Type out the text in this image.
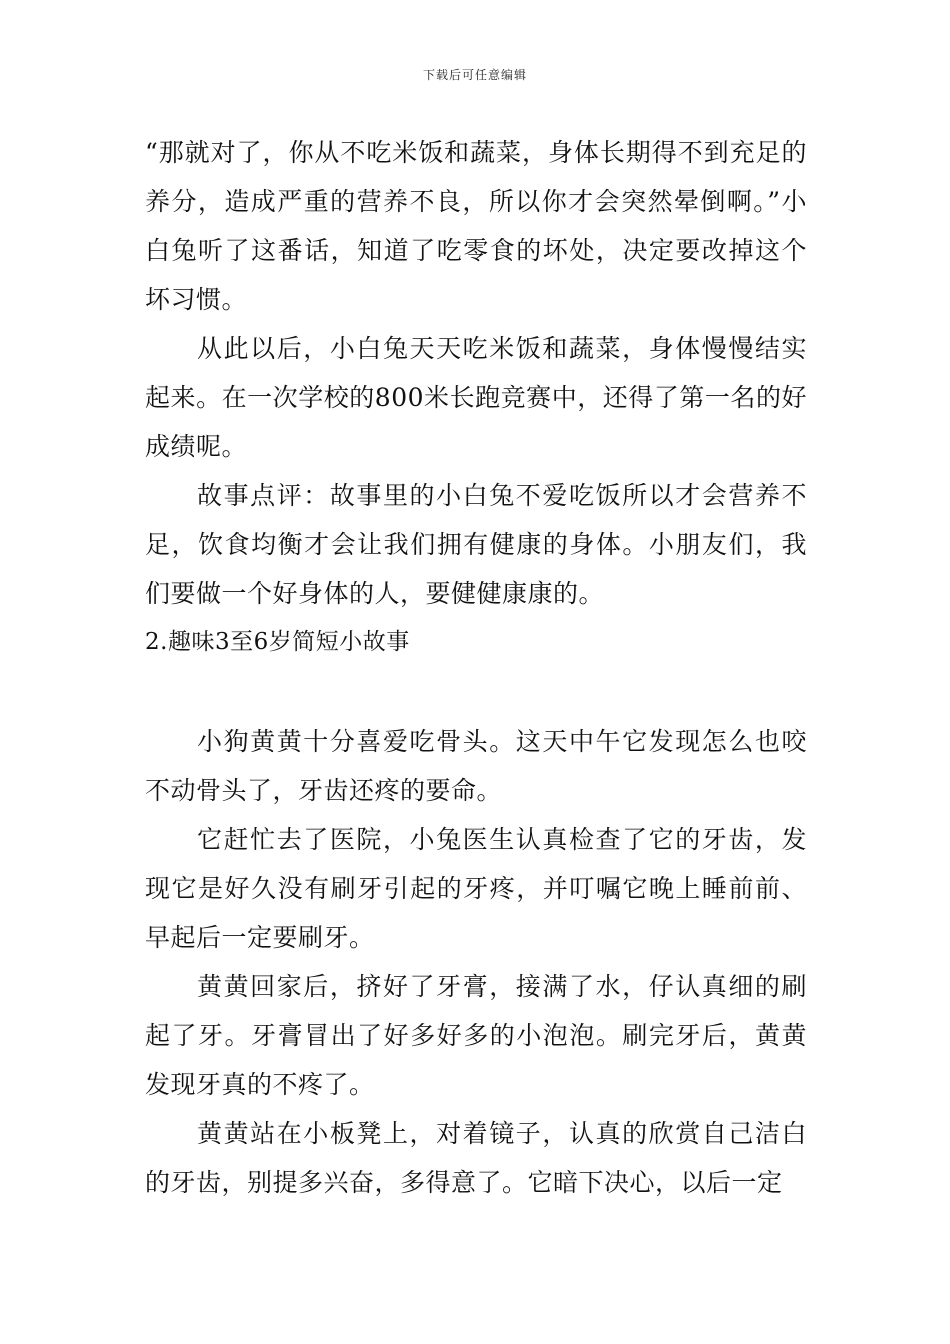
下载后可任意编辑

“那就对了，你从不吃米饭和蔬菜，身体长期得不到充足的养分，造成严重的营养不良，所以你才会突然晕倒啊。”小白兔听了这番话，知道了吃零食的坏处，决定要改掉这个坏习惯。

从此以后，小白兔天天吃米饭和蔬菜，身体慢慢结实起来。在一次学校的800米长跑竞赛中，还得了第一名的好成绩呢。

故事点评：故事里的小白兔不爱吃饭所以才会营养不足，饮食均衡才会让我们拥有健康的身体。小朋友们，我们要做一个好身体的人，要健健康康的。

2.趣味3至6岁简短小故事

小狗黄黄十分喜爱吃骨头。这天中午它发现怎么也咬不动骨头了，牙齿还疼的要命。

它赶忙去了医院，小兔医生认真检查了它的牙齿，发现它是好久没有刷牙引起的牙疼，并叮嘱它晚上睡前前、早起后一定要刷牙。

黄黄回家后，挤好了牙膏，接满了水，仔认真细的刷起了牙。牙膏冒出了好多好多的小泡泡。刷完牙后，黄黄发现牙真的不疼了。

黄黄站在小板凳上，对着镜子，认真的欣赏自己洁白的牙齿，别提多兴奋，多得意了。它暗下决心，以后一定
